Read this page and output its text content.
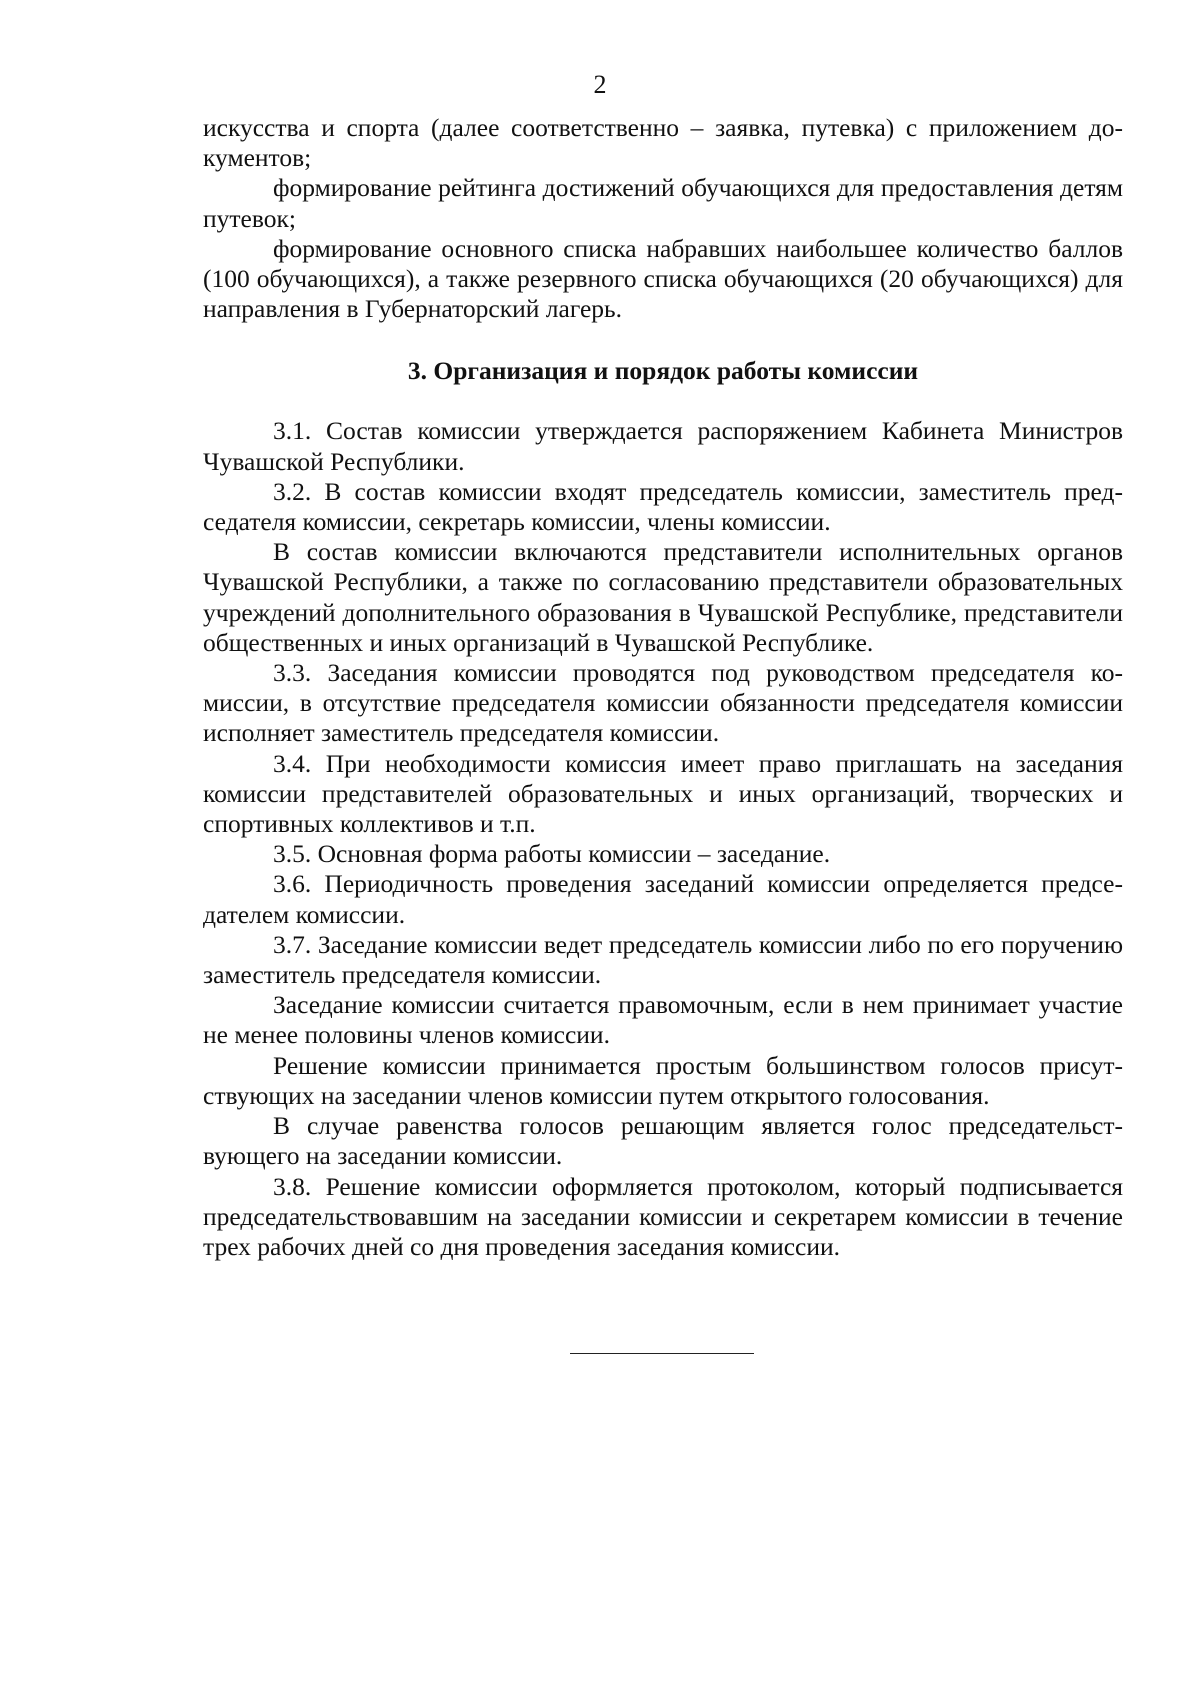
2

искусства и спорта (далее соответственно – заявка, путевка) с приложением документов;

формирование рейтинга достижений обучающихся для предоставления детям путевок;

формирование основного списка набравших наибольшее количество баллов (100 обучающихся), а также резервного списка обучающихся (20 обучающихся) для направления в Губернаторский лагерь.

3. Организация и порядок работы комиссии

3.1. Состав комиссии утверждается распоряжением Кабинета Министров Чувашской Республики.

3.2. В состав комиссии входят председатель комиссии, заместитель председателя комиссии, секретарь комиссии, члены комиссии.

В состав комиссии включаются представители исполнительных органов Чувашской Республики, а также по согласованию представители образовательных учреждений дополнительного образования в Чувашской Республике, представители общественных и иных организаций в Чувашской Республике.

3.3. Заседания комиссии проводятся под руководством председателя комиссии, в отсутствие председателя комиссии обязанности председателя комиссии исполняет заместитель председателя комиссии.

3.4. При необходимости комиссия имеет право приглашать на заседания комиссии представителей образовательных и иных организаций, творческих и спортивных коллективов и т.п.

3.5. Основная форма работы комиссии – заседание.

3.6. Периодичность проведения заседаний комиссии определяется председателем комиссии.

3.7. Заседание комиссии ведет председатель комиссии либо по его поручению заместитель председателя комиссии.

Заседание комиссии считается правомочным, если в нем принимает участие не менее половины членов комиссии.

Решение комиссии принимается простым большинством голосов присутствующих на заседании членов комиссии путем открытого голосования.

В случае равенства голосов решающим является голос председательствующего на заседании комиссии.

3.8. Решение комиссии оформляется протоколом, который подписывается председательствовавшим на заседании комиссии и секретарем комиссии в течение трех рабочих дней со дня проведения заседания комиссии.
